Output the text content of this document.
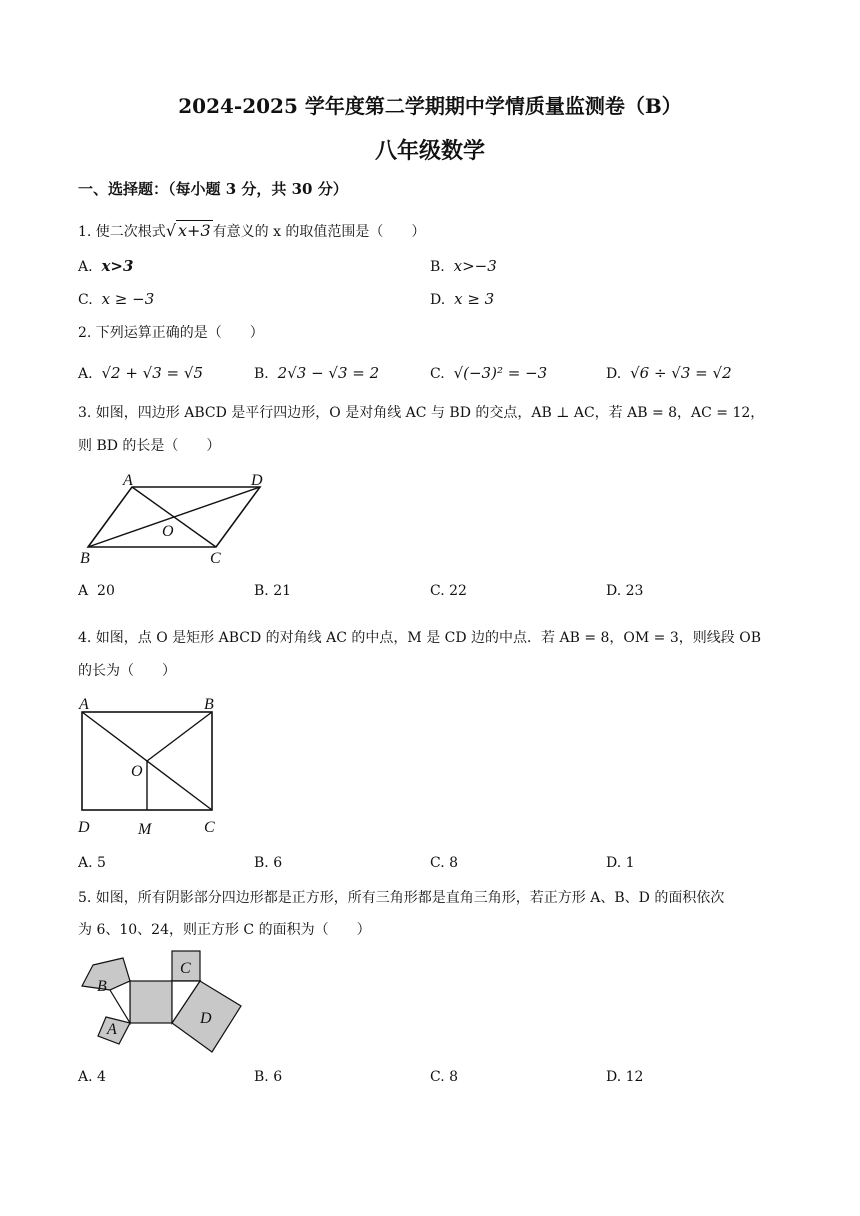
2024-2025 学年度第二学期期中学情质量监测卷（B）
八年级数学
一、选择题：（每小题 3 分，共 30 分）
1. 使二次根式√ x+3 有意义的 x 的取值范围是（　　）
A. x>3	B. x>−3
C. x ≥ −3	D. x ≥ 3
2. 下列运算正确的是（　　）
A. √2 + √3 = √5	B. 2√3 − √3 = 2	C. √(−3)² = −3	D. √6 ÷ √3 = √2
3. 如图，四边形 ABCD 是平行四边形，O 是对角线 AC 与 BD 的交点，AB ⊥ AC，若 AB = 8，AC = 12，
则 BD 的长是（　　）
A	D
B	C
O
A 20	B. 21	C. 22	D. 23
4. 如图，点 O 是矩形 ABCD 的对角线 AC 的中点，M 是 CD 边的中点．若 AB = 8，OM = 3，则线段 OB
的长为（　　）
A	B
D	C
M
O
A. 5	B. 6	C. 8	D. 1
5. 如图，所有阴影部分四边形都是正方形，所有三角形都是直角三角形，若正方形 A、B、D 的面积依次
为 6、10、24，则正方形 C 的面积为（　　）
B
A
C
D
A. 4	B. 6	C. 8	D. 12
